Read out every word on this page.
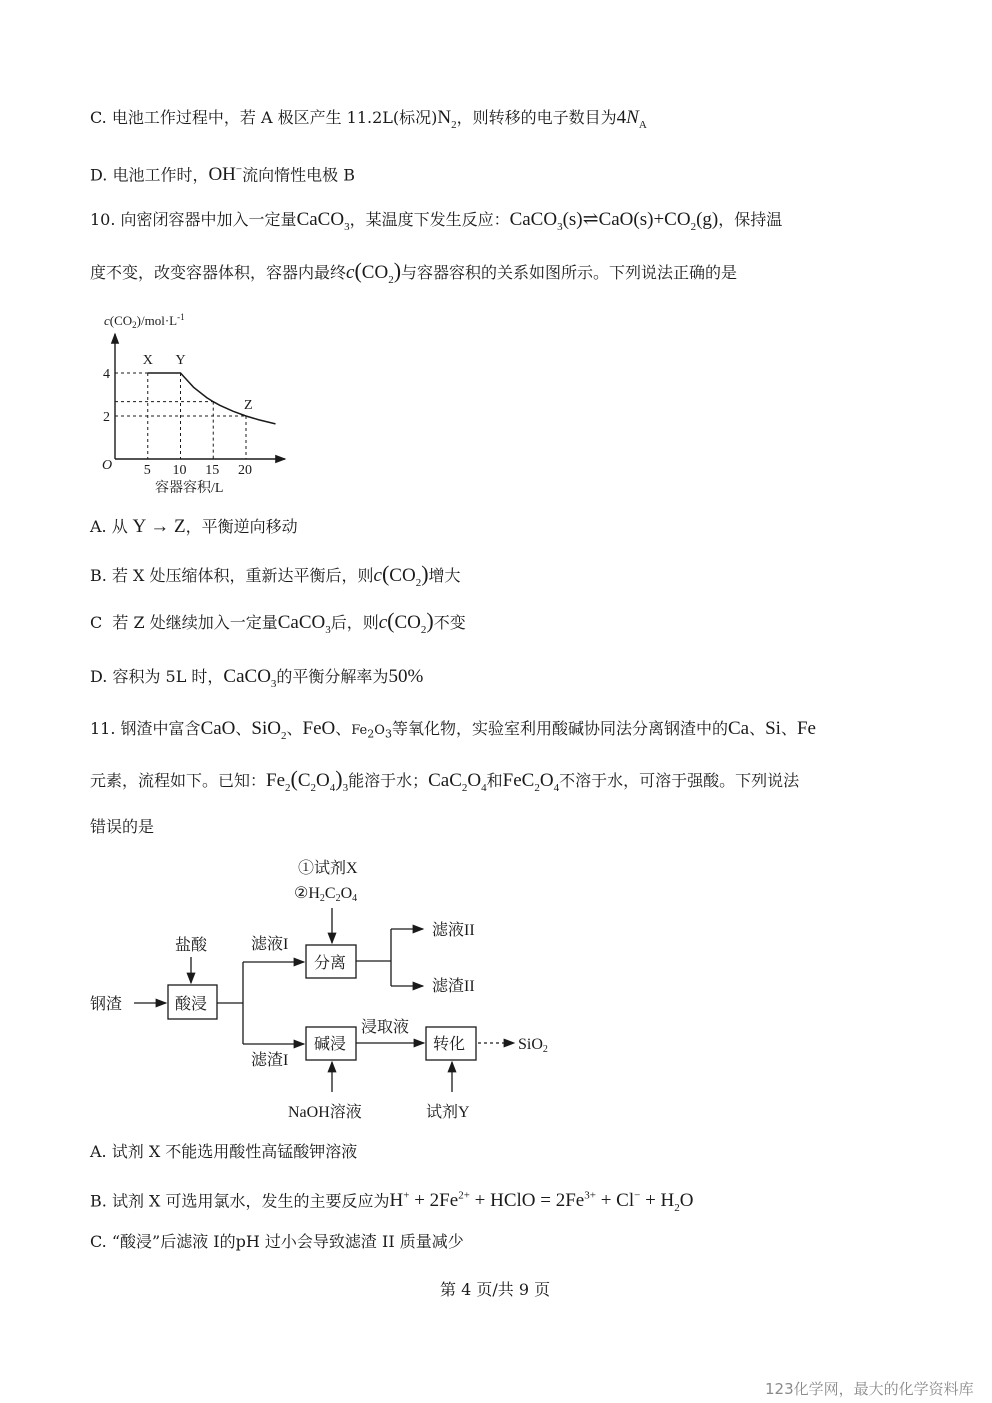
C. 电池工作过程中，若 A 极区产生 11.2L(标况)$N_2$，则转移的电子数目为$4N_A$
D. 电池工作时，OH−流向惰性电极 B
10. 向密闭容器中加入一定量CaCO$_3$，某温度下发生反应：$CaCO_3(s)\rightleftharpoons CaO(s)+CO_2(g)$，保持温
度不变，改变容器体积，容器内最终$c(CO_2)$与容器容积的关系如图所示。下列说法正确的是
$c(CO_2)/mol\cdot L^{-1}$
5 10 15 20
2
4
X Y
Z
O
容器容积/L
A. 从 Y → Z，平衡逆向移动
B. 若 X 处压缩体积，重新达平衡后，则$c(CO_2)$增大
C 若 Z 处继续加入一定量CaCO$_3$后，则$c(CO_2)$不变
D. 容积为 5L 时，CaCO$_3$的平衡分解率为50%
11. 钢渣中富含CaO、SiO$_2$、FeO、$Fe_2O_3$等氧化物，实验室利用酸碱协同法分离钢渣中的Ca、Si、Fe
元素，流程如下。已知：$Fe_2(C_2O_4)_3$能溶于水；$CaC_2O_4$和$FeC_2O_4$不溶于水，可溶于强酸。下列说法
错误的是
钢渣
盐酸
酸浸
滤液I
滤渣I
①试剂X
②H2C2O4
分离
滤液II
滤渣II
碱浸
NaOH溶液
浸取液
转化
试剂Y
SiO2
A. 试剂 X 不能选用酸性高锰酸钾溶液
B. 试剂 X 可选用氯水，发生的主要反应为$H^+ + 2Fe^{2+}$ + HClO = $2Fe^{3+} + Cl^- + H_2O$
C. “酸浸”后滤液 I的pH 过小会导致滤渣 II 质量减少
第 4 页/共 9 页
123化学网，最大的化学资料库
